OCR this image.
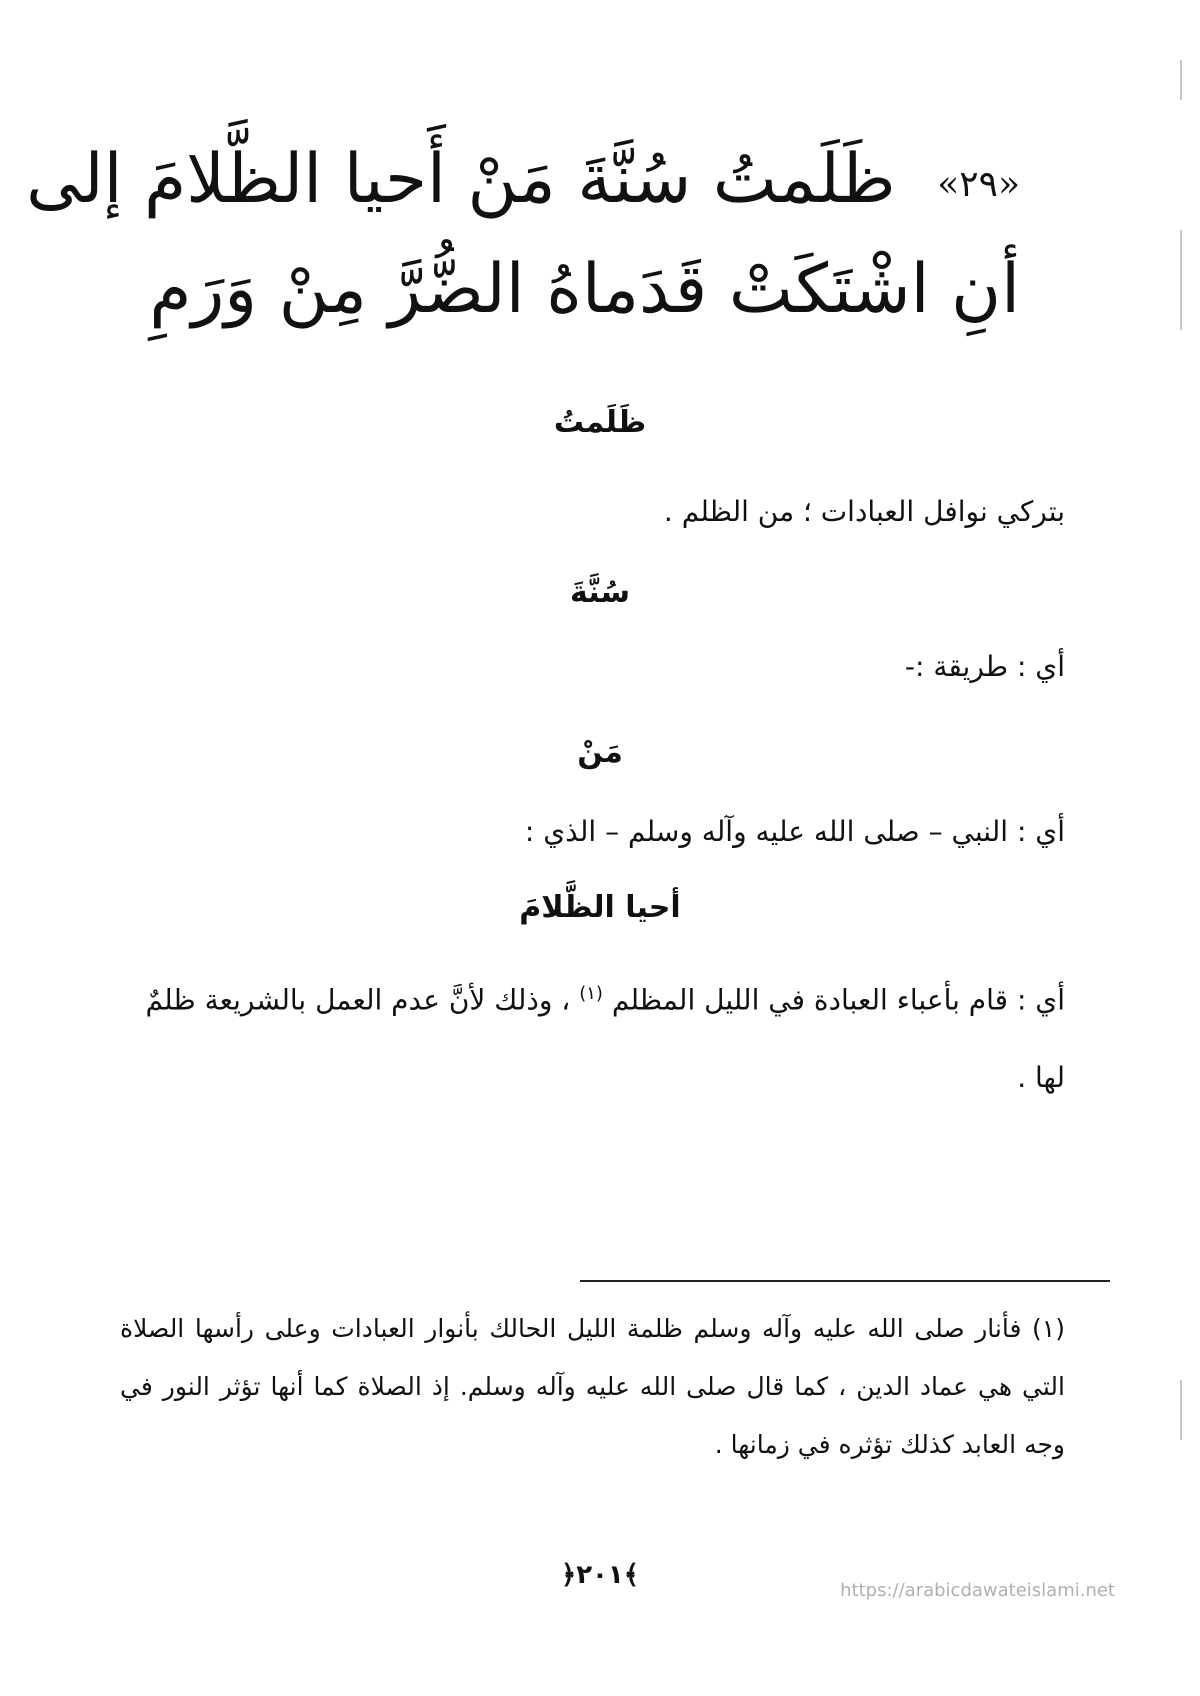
«٢٩» ظَلَمتُ سُنَّةَ مَنْ أَحيا الظَّلامَ إلى
أنِ اشْتَكَتْ قَدَماهُ الضُّرَّ مِنْ وَرَمِ
ظَلَمتُ
بتركي نوافل العبادات ؛ من الظلم .
سُنَّةَ
أي : طريقة :-
مَنْ
أي : النبي – صلى الله عليه وآله وسلم – الذي :
أحيا الظَّلامَ
أي : قام بأعباء العبادة في الليل المظلم $^{(١)}$ ، وذلك لأنَّ عدم العمل بالشريعة ظلمٌ لها .
(١) فأنار صلى الله عليه وآله وسلم ظلمة الليل الحالك بأنوار العبادات وعلى رأسها الصلاة التي هي عماد الدين ، كما قال صلى الله عليه وآله وسلم. إذ الصلاة كما أنها تؤثر النور في وجه العابد كذلك تؤثره في زمانها .
﴿٢٠١﴾
https://arabicdawateislami.net
